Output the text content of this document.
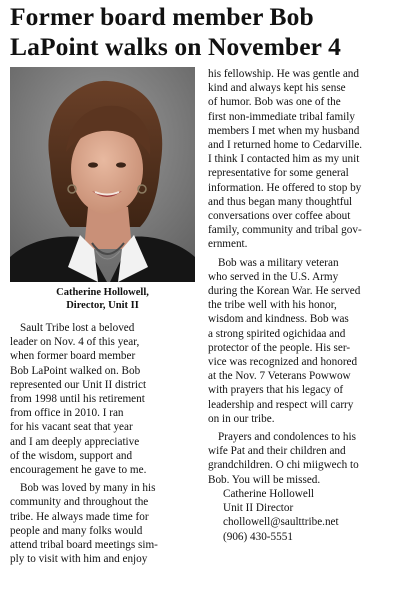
Former board member Bob
LaPoint walks on November 4
Catherine Hollowell,
Director, Unit II
Sault Tribe lost a beloved
leader on Nov. 4 of this year,
when former board member
Bob LaPoint walked on. Bob
represented our Unit II district
from 1998 until his retirement
from office in 2010. I ran
for his vacant seat that year
and I am deeply appreciative
of the wisdom, support and
encouragement he gave to me.
Bob was loved by many in his
community and throughout the
tribe. He always made time for
people and many folks would
attend tribal board meetings sim-
ply to visit with him and enjoy
his fellowship. He was gentle and
kind and always kept his sense
of humor. Bob was one of the
first non-immediate tribal family
members I met when my husband
and I returned home to Cedarville.
I think I contacted him as my unit
representative for some general
information. He offered to stop by
and thus began many thoughtful
conversations over coffee about
family, community and tribal gov-
ernment.
Bob was a military veteran
who served in the U.S. Army
during the Korean War. He served
the tribe well with his honor,
wisdom and kindness. Bob was
a strong spirited ogichidaa and
protector of the people. His ser-
vice was recognized and honored
at the Nov. 7 Veterans Powwow
with prayers that his legacy of
leadership and respect will carry
on in our tribe.
Prayers and condolences to his
wife Pat and their children and
grandchildren. O chi miigwech to
Bob. You will be missed.
Catherine Hollowell
Unit II Director
chollowell@saulttribe.net
(906) 430-5551
